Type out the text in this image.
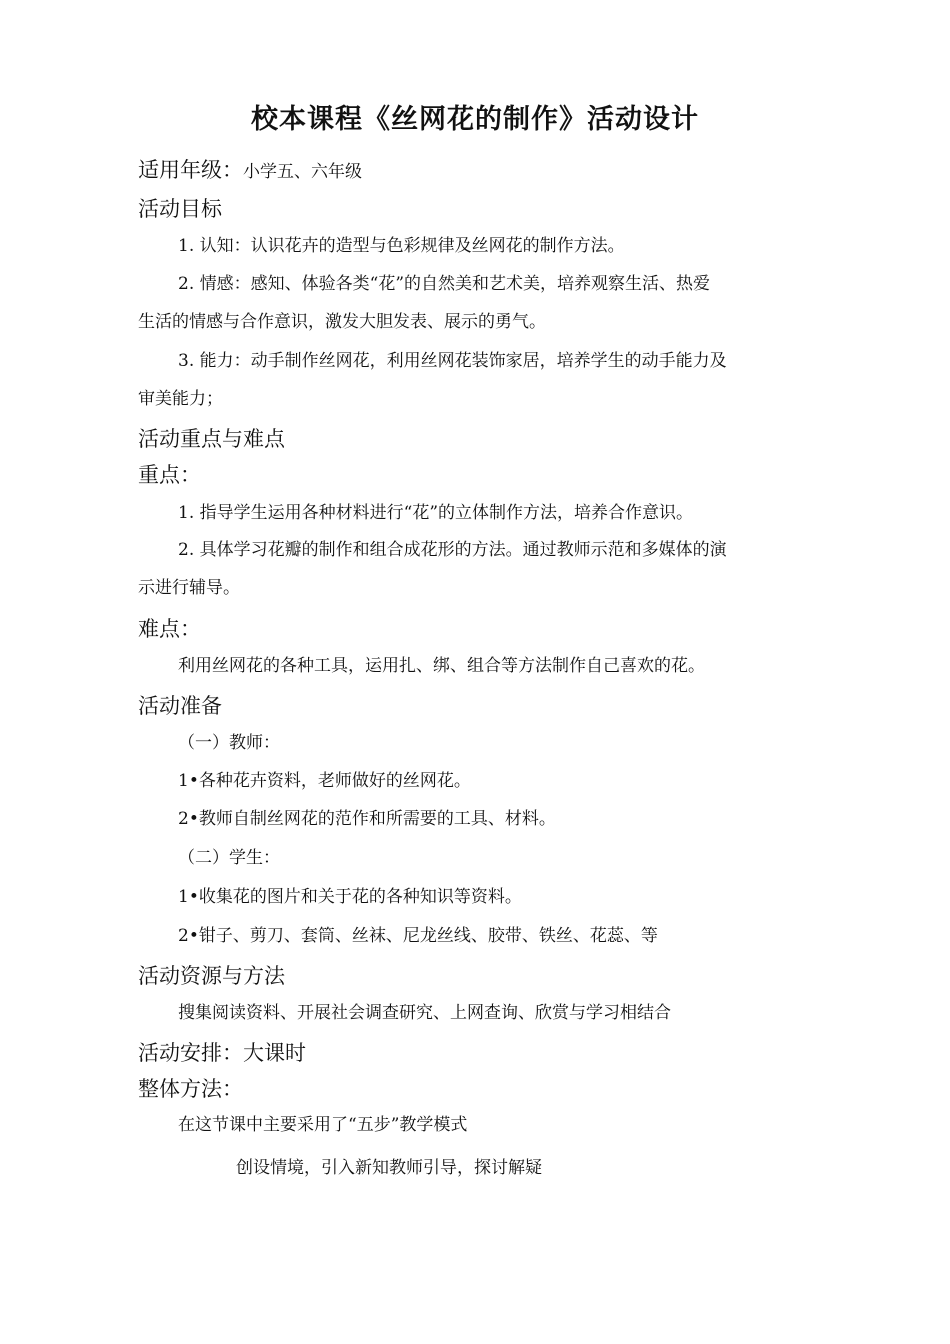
校本课程《丝网花的制作》活动设计
适用年级：小学五、六年级
活动目标
1. 认知：认识花卉的造型与色彩规律及丝网花的制作方法。
2. 情感：感知、体验各类“花”的自然美和艺术美，培养观察生活、热爱
生活的情感与合作意识，激发大胆发表、展示的勇气。
3. 能力：动手制作丝网花，利用丝网花装饰家居，培养学生的动手能力及
审美能力；
活动重点与难点
重点：
1. 指导学生运用各种材料进行“花”的立体制作方法，培养合作意识。
2. 具体学习花瓣的制作和组合成花形的方法。通过教师示范和多媒体的演
示进行辅导。
难点：
利用丝网花的各种工具，运用扎、绑、组合等方法制作自己喜欢的花。
活动准备
（一）教师：
1•各种花卉资料，老师做好的丝网花。
2•教师自制丝网花的范作和所需要的工具、材料。
（二）学生：
1•收集花的图片和关于花的各种知识等资料。
2•钳子、剪刀、套筒、丝袜、尼龙丝线、胶带、铁丝、花蕊、等
活动资源与方法
搜集阅读资料、开展社会调查研究、上网查询、欣赏与学习相结合
活动安排：大课时
整体方法：
在这节课中主要采用了“五步”教学模式
创设情境，引入新知教师引导，探讨解疑
